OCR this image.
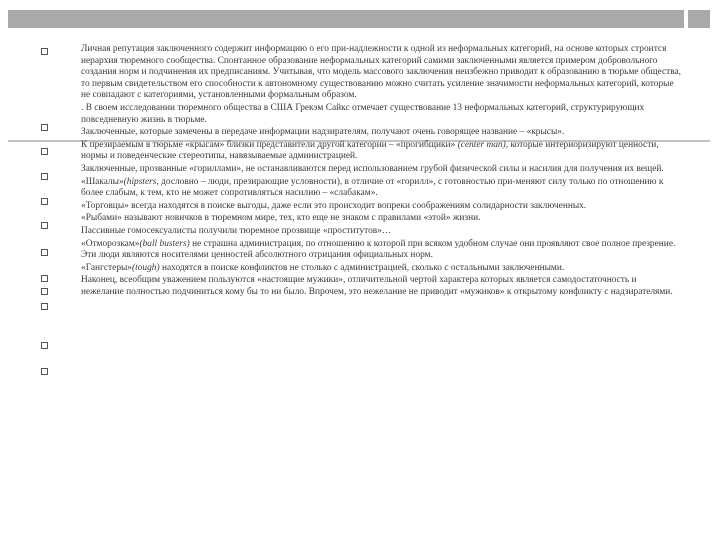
Личная репутация заключенного содержит информацию о его при-надлежности к одной из неформальных категорий, на основе которых строится иерархия тюремного сообщества. Спонтанное образование неформальных категорий самими заключенными является примером добровольного создания норм и подчинения их предписаниям. Учитывая, что модель массового заключения неизбежно приводит к образованию в тюрьме общества, то первым свидетельством его способности к автономному существованию можно считать усиление значимости неформальных категорий, которые не совпадают с категориями, установленными формальным образом.

. В своем исследовании тюремного общества в США Грекэм Сайкс отмечает существование 13 неформальных категорий, структурирующих повседневную жизнь в тюрьме.

Заключенные, которые замечены в передаче информации надзирателям, получают очень говорящее название – «крысы».

К презираемым в тюрьме «крысам» близки представители другой категории – «прогибщики» (center man), которые интериоризируют ценности, нормы и поведенческие стереотипы, навязываемые администрацией.

Заключенные, прозванные «гориллами», не останавливаются перед использованием грубой физической силы и насилия для получения их вещей.

«Шакалы»(hipsters, дословно – люди, презирающие условности), в отличие от «горилл», с готовностью при-меняют силу только по отношению к более слабым, к тем, кто не может сопротивляться насилию – «слабакам».

«Торговцы» всегда находятся в поиске выгоды, даже если это происходит вопреки соображениям солидарности заключенных.

«Рыбами» называют новичков в тюремном мире, тех, кто еще не знаком с правилами «этой» жизни.

Пассивные гомосексуалисты получили тюремное прозвище «проститутов»…

«Отморозкам»(ball busters) не страшна администрация, по отношению к которой при всяком удобном случае они проявляют свое полное презрение. Эти люди являются носителями ценностей абсолютного отрицания официальных норм.

«Гангстеры»(tough) находятся в поиске конфликтов не столько с администрацией, сколько с остальными заключенными.

Наконец, всеобщим уважением пользуются «настоящие мужики», отличительной чертой характера которых является самодостаточность и нежелание полностью подчиниться кому бы то ни было. Впрочем, это нежелание не приводит «мужиков» к открытому конфликту с надзирателями.
